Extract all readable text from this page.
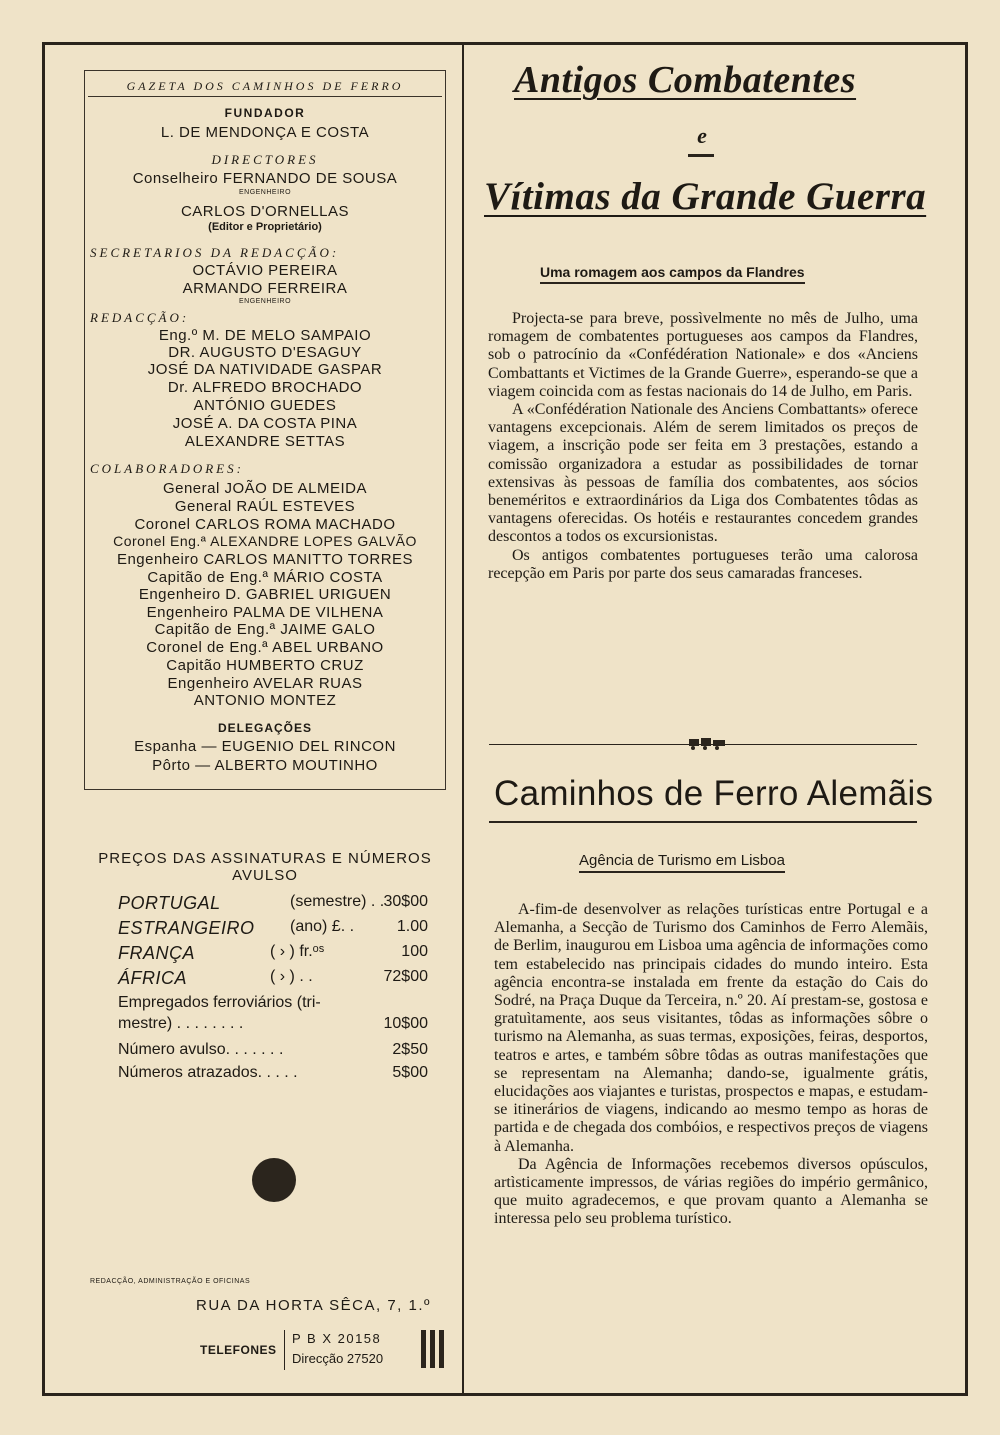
GAZETA DOS CAMINHOS DE FERRO
FUNDADOR
L. DE MENDONÇA E COSTA
DIRECTORES
Conselheiro FERNANDO DE SOUSA
ENGENHEIRO
CARLOS D'ORNELLAS
(Editor e Proprietário)
SECRETARIOS DA REDACÇÃO:
OCTÁVIO PEREIRA
ARMANDO FERREIRA
ENGENHEIRO
REDACÇÃO:
Eng.º M. DE MELO SAMPAIO
DR. AUGUSTO D'ESAGUY
JOSÉ DA NATIVIDADE GASPAR
Dr. ALFREDO BROCHADO
ANTÓNIO GUEDES
JOSÉ A. DA COSTA PINA
ALEXANDRE SETTAS
COLABORADORES:
General JOÃO DE ALMEIDA
General RAÚL ESTEVES
Coronel CARLOS ROMA MACHADO
Coronel Eng.ª ALEXANDRE LOPES GALVÃO
Engenheiro CARLOS MANITTO TORRES
Capitão de Eng.ª MÁRIO COSTA
Engenheiro D. GABRIEL URIGUEN
Engenheiro PALMA DE VILHENA
Capitão de Eng.ª JAIME GALO
Coronel de Eng.ª ABEL URBANO
Capitão HUMBERTO CRUZ
Engenheiro AVELAR RUAS
ANTONIO MONTEZ
DELEGAÇÕES
Espanha — EUGENIO DEL RINCON
Pôrto — ALBERTO MOUTINHO
PREÇOS DAS ASSINATURAS E NÚMEROS
AVULSO
PORTUGAL	(semestre) . . 30$00
ESTRANGEIRO (ano) £. .	1.00
FRANÇA	( › ) fr.ᵒˢ	100
ÁFRICA	( › ) . .	72$00
Empregados ferroviários (tri-
mestre) . . . . . . . .	10$00
Número avulso. . . . . . .	2$50
Números atrazados. . . . .	5$00
REDACÇÃO, ADMINISTRAÇÃO E OFICINAS
RUA DA HORTA SÊCA, 7, 1.º
TELEFONES
P B X 20158
Direcção 27520
Antigos Combatentes
e
Vítimas da Grande Guerra
Uma romagem aos campos da Flandres

Projecta-se para breve, possìvelmente no mês de Julho, uma romagem de combatentes portugueses aos campos da Flandres, sob o patrocínio da «Confédération Nationale» e dos «Anciens Combattants et Victimes de la Grande Guerre», esperando-se que a viagem coincida com as festas nacionais do 14 de Julho, em Paris.

A «Confédération Nationale des Anciens Combattants» oferece vantagens excepcionais. Além de serem limitados os preços de viagem, a inscrição pode ser feita em 3 prestações, estando a comissão organizadora a estudar as possibilidades de tornar extensivas às pessoas de família dos combatentes, aos sócios beneméritos e extraordinários da Liga dos Combatentes tôdas as vantagens oferecidas. Os hotéis e restaurantes concedem grandes descontos a todos os excursionistas.

Os antigos combatentes portugueses terão uma calorosa recepção em Paris por parte dos seus camaradas franceses.

Caminhos de Ferro Alemãis
Agência de Turismo em Lisboa

A-fim-de desenvolver as relações turísticas entre Portugal e a Alemanha, a Secção de Turismo dos Caminhos de Ferro Alemãis, de Berlim, inaugurou em Lisboa uma agência de informações como tem estabelecido nas principais cidades do mundo inteiro. Esta agência encontra-se instalada em frente da estação do Cais do Sodré, na Praça Duque da Terceira, n.º 20. Aí prestam-se, gostosa e gratuìtamente, aos seus visitantes, tôdas as informações sôbre o turismo na Alemanha, as suas termas, exposições, feiras, desportos, teatros e artes, e também sôbre tôdas as outras manifestações que se representam na Alemanha; dando-se, igualmente grátis, elucidações aos viajantes e turistas, prospectos e mapas, e estudam-se itinerários de viagens, indicando ao mesmo tempo as horas de partida e de chegada dos combóios, e respectivos preços de viagens à Alemanha.

Da Agência de Informações recebemos diversos opúsculos, artìsticamente impressos, de várias regiões do império germânico, que muito agradecemos, e que provam quanto a Alemanha se interessa pelo seu problema turístico.
